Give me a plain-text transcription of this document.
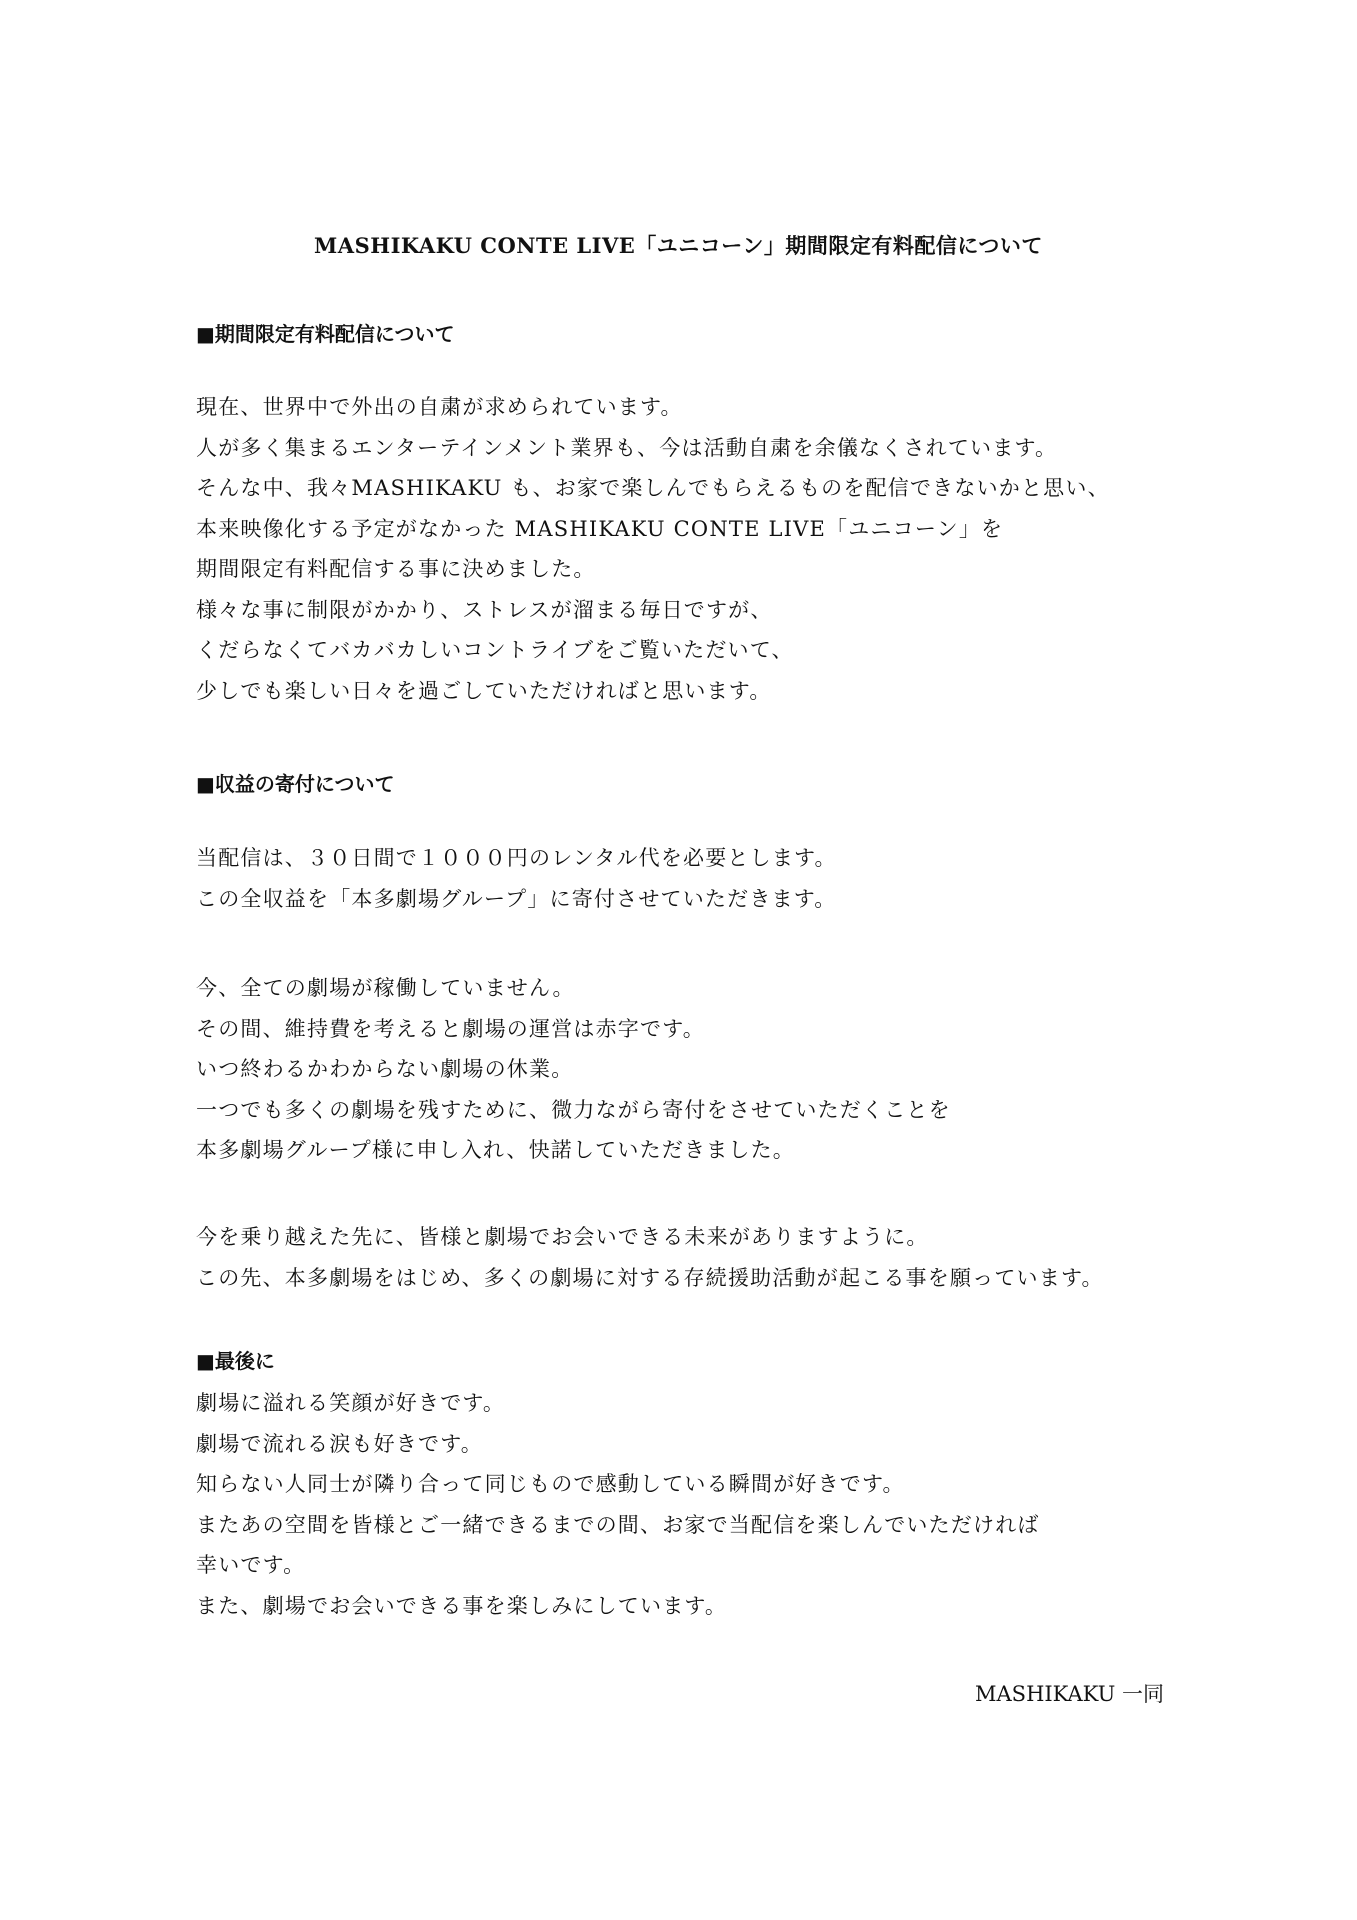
MASHIKAKU CONTE LIVE「ユニコーン」期間限定有料配信について
■期間限定有料配信について
現在、世界中で外出の自粛が求められています。
人が多く集まるエンターテインメント業界も、今は活動自粛を余儀なくされています。
そんな中、我々MASHIKAKU も、お家で楽しんでもらえるものを配信できないかと思い、
本来映像化する予定がなかった MASHIKAKU CONTE LIVE「ユニコーン」を
期間限定有料配信する事に決めました。
様々な事に制限がかかり、ストレスが溜まる毎日ですが、
くだらなくてバカバカしいコントライブをご覧いただいて、
少しでも楽しい日々を過ごしていただければと思います。
■収益の寄付について
当配信は、３０日間で１０００円のレンタル代を必要とします。
この全収益を「本多劇場グループ」に寄付させていただきます。
今、全ての劇場が稼働していません。
その間、維持費を考えると劇場の運営は赤字です。
いつ終わるかわからない劇場の休業。
一つでも多くの劇場を残すために、微力ながら寄付をさせていただくことを
本多劇場グループ様に申し入れ、快諾していただきました。
今を乗り越えた先に、皆様と劇場でお会いできる未来がありますように。
この先、本多劇場をはじめ、多くの劇場に対する存続援助活動が起こる事を願っています。
■最後に
劇場に溢れる笑顔が好きです。
劇場で流れる涙も好きです。
知らない人同士が隣り合って同じもので感動している瞬間が好きです。
またあの空間を皆様とご一緒できるまでの間、お家で当配信を楽しんでいただければ
幸いです。
また、劇場でお会いできる事を楽しみにしています。
MASHIKAKU 一同
